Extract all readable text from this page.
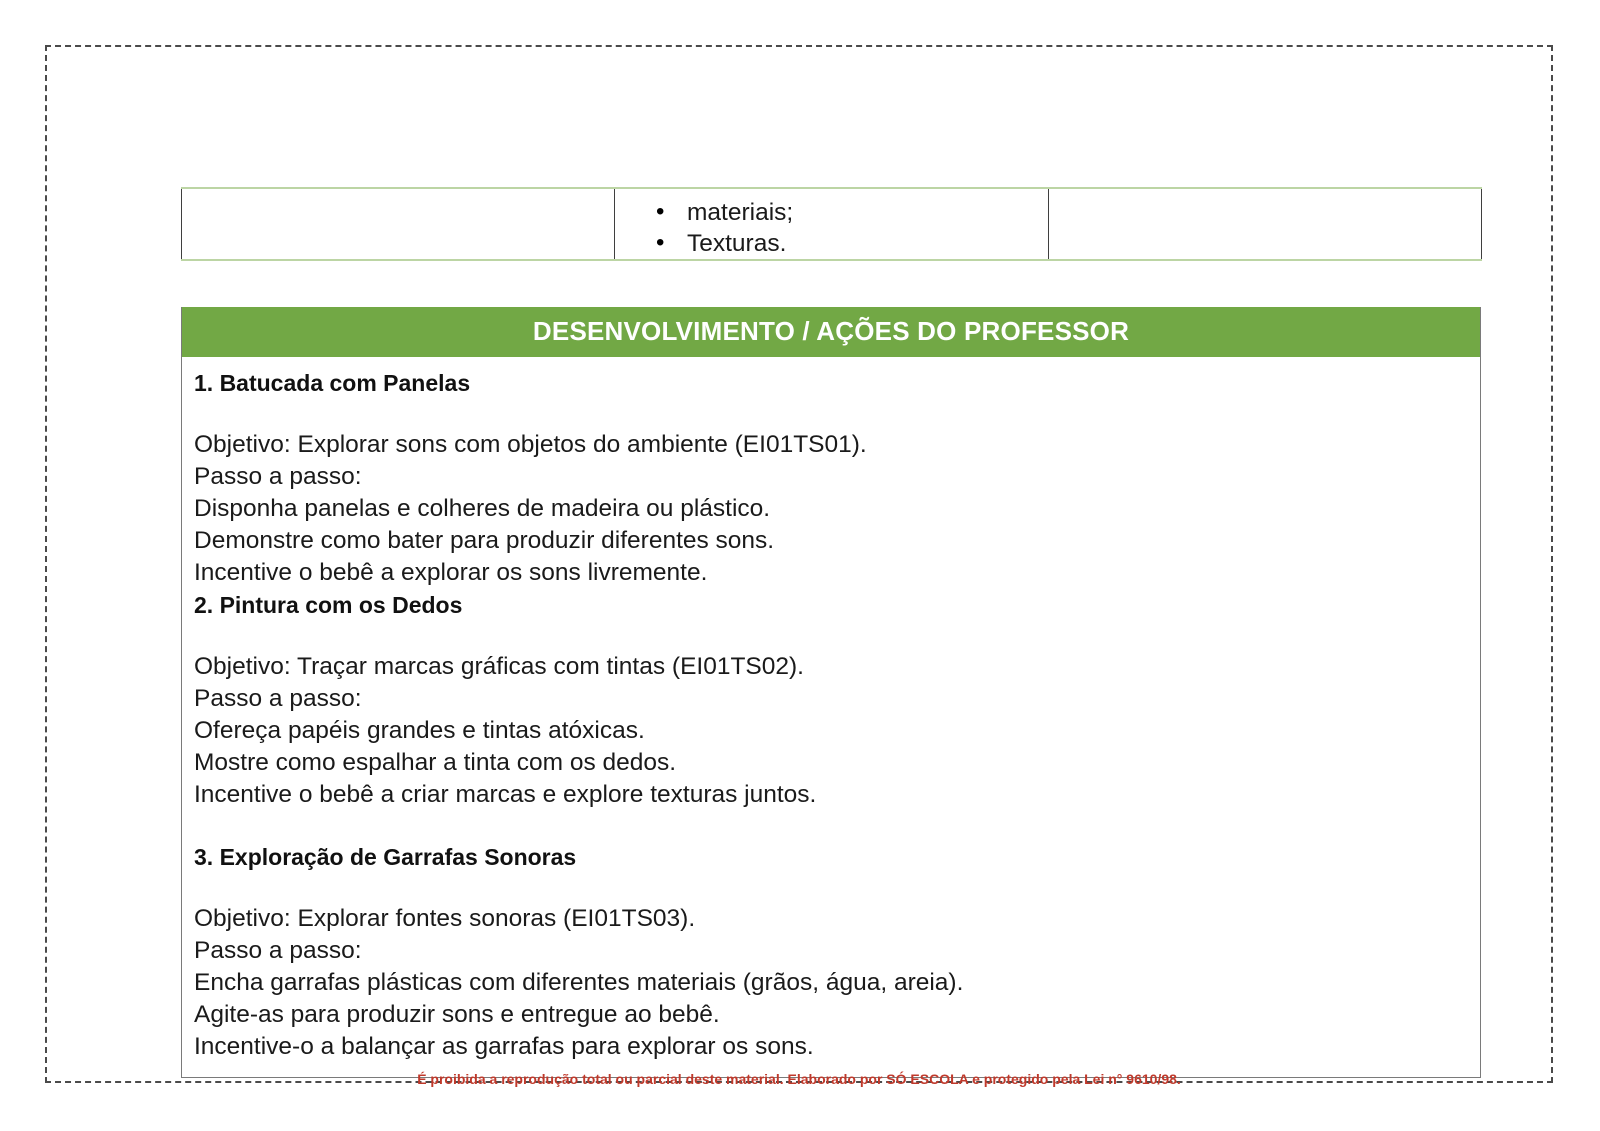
• materiais;
• Texturas.

DESENVOLVIMENTO / AÇÕES DO PROFESSOR
1. Batucada com Panelas
Objetivo: Explorar sons com objetos do ambiente (EI01TS01).
Passo a passo:
Disponha panelas e colheres de madeira ou plástico.
Demonstre como bater para produzir diferentes sons.
Incentive o bebê a explorar os sons livremente.
2. Pintura com os Dedos
Objetivo: Traçar marcas gráficas com tintas (EI01TS02).
Passo a passo:
Ofereça papéis grandes e tintas atóxicas.
Mostre como espalhar a tinta com os dedos.
Incentive o bebê a criar marcas e explore texturas juntos.
3. Exploração de Garrafas Sonoras
Objetivo: Explorar fontes sonoras (EI01TS03).
Passo a passo:
Encha garrafas plásticas com diferentes materiais (grãos, água, areia).
Agite-as para produzir sons e entregue ao bebê.
Incentive-o a balançar as garrafas para explorar os sons.
É proibida a reprodução total ou parcial deste material. Elaborado por SÓ ESCOLA e protegido pela Lei n° 9610/98.
